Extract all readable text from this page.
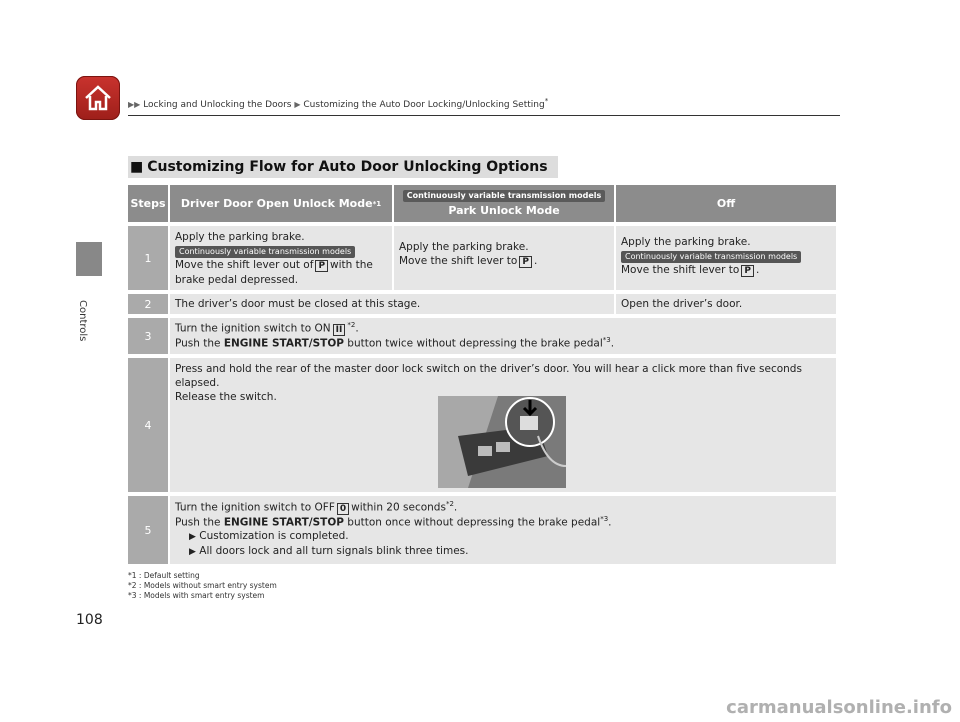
▶▶ Locking and Unlocking the Doors ▶ Customizing the Auto Door Locking/Unlocking Setting*
Controls
108
■ Customizing Flow for Auto Door Unlocking Options
Steps Driver Door Open Unlock Mode *1
Continuously variable transmission models
Park Unlock Mode
Off
1
Apply the parking brake.
Continuously variable transmission models
Move the shift lever out of P with the
brake pedal depressed.
Apply the parking brake.
Move the shift lever to P .
Apply the parking brake.
Continuously variable transmission models
Move the shift lever to P .
2	The driver’s door must be closed at this stage.	Open the driver’s door.
3
Turn the ignition switch to ON II $^{*2}$.
Push the ENGINE START/STOP button twice without depressing the brake pedal$^{*3}$.
4
Press and hold the rear of the master door lock switch on the driver’s door. You will hear a click more than five seconds elapsed.
Release the switch.
5
Turn the ignition switch to OFF 0 within 20 seconds$^{*2}$.
Push the ENGINE START/STOP button once without depressing the brake pedal$^{*3}$.
▶ Customization is completed.
▶ All doors lock and all turn signals blink three times.
*1 : Default setting
*2 : Models without smart entry system
*3 : Models with smart entry system
carmanualsonline.info
